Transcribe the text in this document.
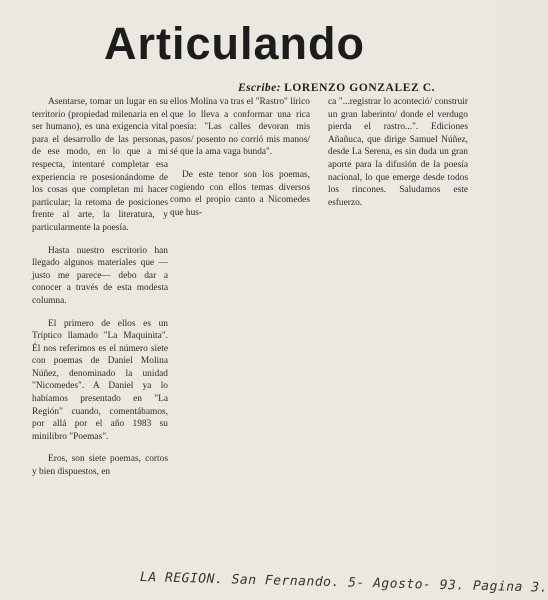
Articulando
Escribe: LORENZO GONZALEZ C.

Asentarse, tomar un lugar en su territorio (propiedad milenaria en el ser humano), es una exigencia vital para el desarrollo de las personas, de ese modo, en lo que a mi respecta, intentaré completar esa experiencia re posesionándome de los cosas que completan mi hacer particular; la retoma de posiciones frente al arte, la literatura, y particularmente la poesía.

Hasta nuestro escritorio han llegado algunos materiales que —justo me parece— debo dar a conocer a través de esta modesta columna.

El primero de ellos es un Tríptico llamado "La Maquinita". Él nos referimos es el número siete con poemas de Daniel Molina Núñez, denominado la unidad "Nicomedes". A Daniel ya lo habíamos presentado en "La Región" cuando, comentábamos, por allá por el año 1983 su minilibro "Poemas".

Eros, son siete poemas, cortos y bien dispuestos, en

ellos Molina va tras el "Rastro" lírico que lo lleva a conformar una rica poesía: "Las calles devoran mis pasos/ posento no corrió mis manos/ sé que la ama vaga bunda".

De este tenor son los poemas, cogiendo con ellos temas diversos como el propio canto a Nicomedes que hus-

ca "...registrar lo aconteció/ construir un gran laberinto/ donde el verdugo pierda el rastro...". Ediciones Añañuca, que dirige Samuel Núñez, desde La Serena, es sin duda un gran aporte para la difusión de la poesía nacional, lo que emerge desde todos los rincones. Saludamos este esfuerzo.

LA REGION. San Fernando. 5- Agosto- 93. Pagina 3.
